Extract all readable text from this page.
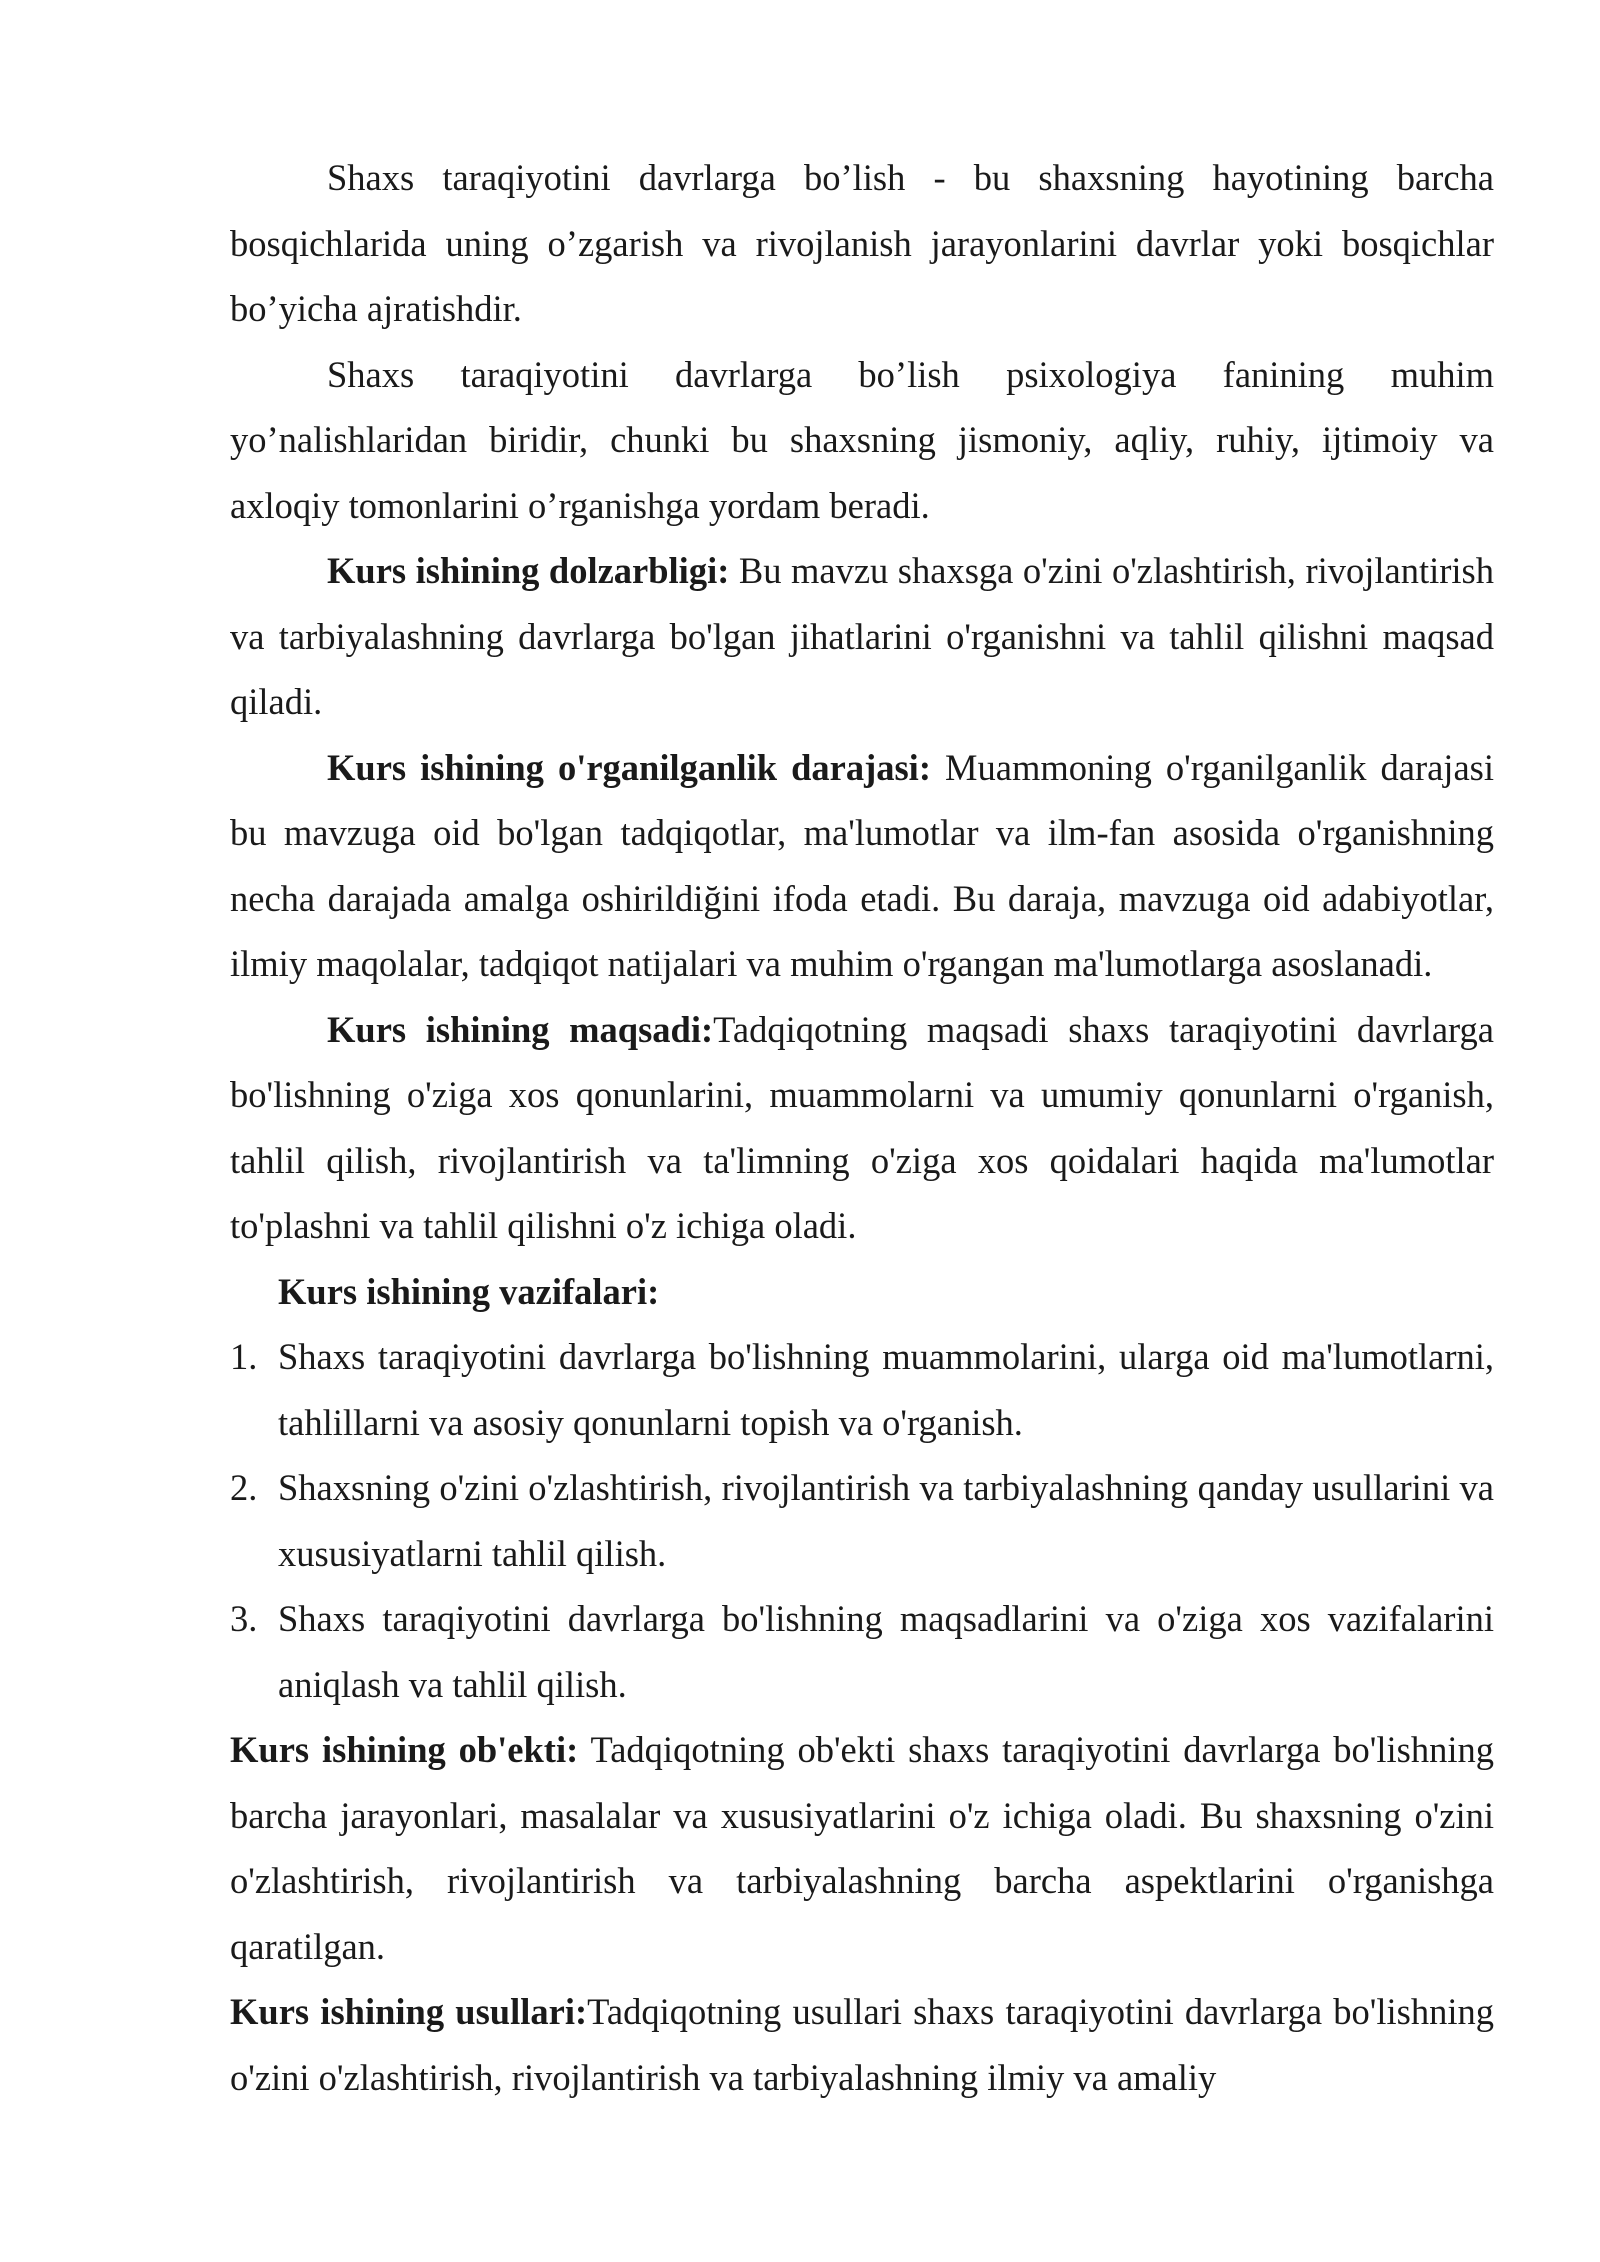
Shaxs taraqiyotini davrlarga bo’lish - bu shaxsning hayotining barcha bosqichlarida uning o’zgarish va rivojlanish jarayonlarini davrlar yoki bosqichlar bo’yicha ajratishdir.

Shaxs taraqiyotini davrlarga bo’lish psixologiya fanining muhim yo’nalishlaridan biridir, chunki bu shaxsning jismoniy, aqliy, ruhiy, ijtimoiy va axloqiy tomonlarini o’rganishga yordam beradi.

Kurs ishining dolzarbligi: Bu mavzu shaxsga o'zini o'zlashtirish, rivojlantirish va tarbiyalashning davrlarga bo'lgan jihatlarini o'rganishni va tahlil qilishni maqsad qiladi.

Kurs ishining o'rganilganlik darajasi: Muammoning o'rganilganlik darajasi bu mavzuga oid bo'lgan tadqiqotlar, ma'lumotlar va ilm-fan asosida o'rganishning necha darajada amalga oshirildiğini ifoda etadi. Bu daraja, mavzuga oid adabiyotlar, ilmiy maqolalar, tadqiqot natijalari va muhim o'rgangan ma'lumotlarga asoslanadi.

Kurs ishining maqsadi:Tadqiqotning maqsadi shaxs taraqiyotini davrlarga bo'lishning o'ziga xos qonunlarini, muammolarni va umumiy qonunlarni o'rganish, tahlil qilish, rivojlantirish va ta'limning o'ziga xos qoidalari haqida ma'lumotlar to'plashni va tahlil qilishni o'z ichiga oladi.

Kurs ishining vazifalari:

1. Shaxs taraqiyotini davrlarga bo'lishning muammolarini, ularga oid ma'lumotlarni, tahlillarni va asosiy qonunlarni topish va o'rganish.
2. Shaxsning o'zini o'zlashtirish, rivojlantirish va tarbiyalashning qanday usullarini va xususiyatlarni tahlil qilish.
3. Shaxs taraqiyotini davrlarga bo'lishning maqsadlarini va o'ziga xos vazifalarini aniqlash va tahlil qilish.

Kurs ishining ob'ekti: Tadqiqotning ob'ekti shaxs taraqiyotini davrlarga bo'lishning barcha jarayonlari, masalalar va xususiyatlarini o'z ichiga oladi. Bu shaxsning o'zini o'zlashtirish, rivojlantirish va tarbiyalashning barcha aspektlarini o'rganishga qaratilgan.

Kurs ishining usullari:Tadqiqotning usullari shaxs taraqiyotini davrlarga bo'lishning o'zini o'zlashtirish, rivojlantirish va tarbiyalashning ilmiy va amaliy
